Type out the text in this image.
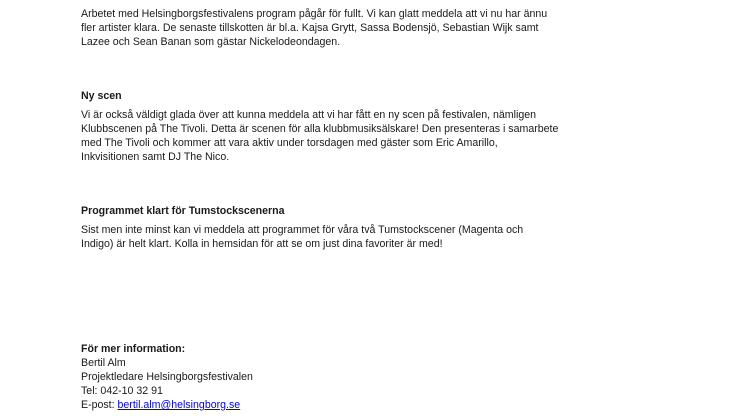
Arbetet med Helsingborgsfestivalens program pågår för fullt. Vi kan glatt meddela att vi nu har ännu
fler artister klara. De senaste tillskotten är bl.a. Kajsa Grytt, Sassa Bodensjö, Sebastian Wijk samt
Lazee och Sean Banan som gästar Nickelodeondagen.

Ny scen

Vi är också väldigt glada över att kunna meddela att vi har fått en ny scen på festivalen, nämligen
Klubbscenen på The Tivoli. Detta är scenen för alla klubbmusiksälskare! Den presenteras i samarbete
med The Tivoli och kommer att vara aktiv under torsdagen med gäster som Eric Amarillo,
Inkvisitionen samt DJ The Nico.

Programmet klart för Tumstockscenerna

Sist men inte minst kan vi meddela att programmet för våra två Tumstockscener (Magenta och
Indigo) är helt klart. Kolla in hemsidan för att se om just dina favoriter är med!

För mer information:
Bertil Alm
Projektledare Helsingborgsfestivalen
Tel: 042-10 32 91
E-post: bertil.alm@helsingborg.se
